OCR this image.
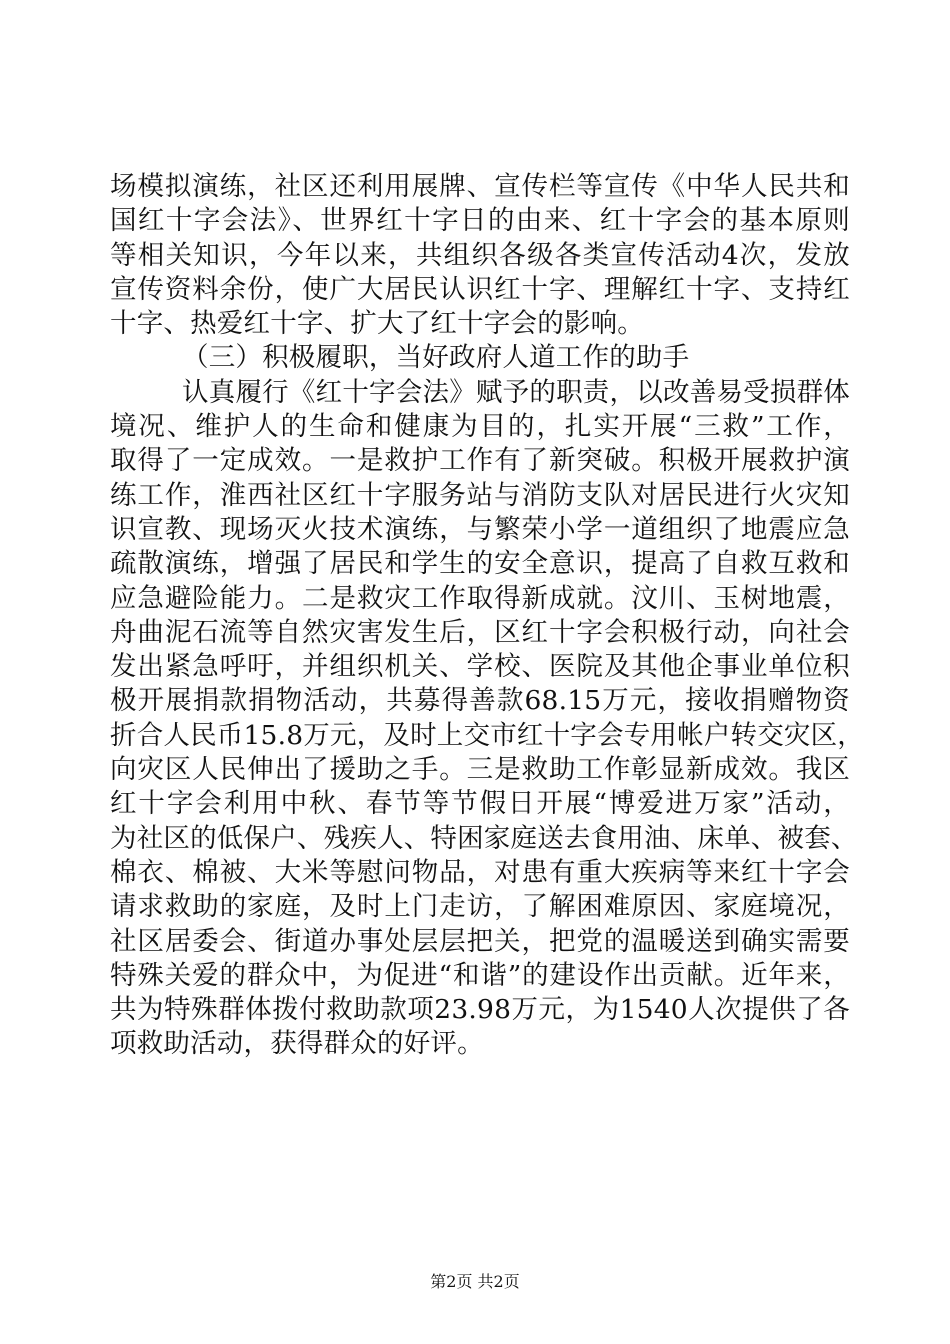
场模拟演练，社区还利用展牌、宣传栏等宣传《中华人民共和
国红十字会法》、世界红十字日的由来、红十字会的基本原则
等相关知识，今年以来，共组织各级各类宣传活动4次，发放
宣传资料余份，使广大居民认识红十字、理解红十字、支持红
十字、热爱红十字、扩大了红十字会的影响。
（三）积极履职，当好政府人道工作的助手
认真履行《红十字会法》赋予的职责，以改善易受损群体
境况、维护人的生命和健康为目的，扎实开展“三救”工作，
取得了一定成效。一是救护工作有了新突破。积极开展救护演
练工作，淮西社区红十字服务站与消防支队对居民进行火灾知
识宣教、现场灭火技术演练，与繁荣小学一道组织了地震应急
疏散演练，增强了居民和学生的安全意识，提高了自救互救和
应急避险能力。二是救灾工作取得新成就。汶川、玉树地震，
舟曲泥石流等自然灾害发生后，区红十字会积极行动，向社会
发出紧急呼吁，并组织机关、学校、医院及其他企事业单位积
极开展捐款捐物活动，共募得善款68.15万元，接收捐赠物资
折合人民币15.8万元，及时上交市红十字会专用帐户转交灾区，
向灾区人民伸出了援助之手。三是救助工作彰显新成效。我区
红十字会利用中秋、春节等节假日开展“博爱进万家”活动，
为社区的低保户、残疾人、特困家庭送去食用油、床单、被套、
棉衣、棉被、大米等慰问物品，对患有重大疾病等来红十字会
请求救助的家庭，及时上门走访，了解困难原因、家庭境况，
社区居委会、街道办事处层层把关，把党的温暖送到确实需要
特殊关爱的群众中，为促进“和谐”的建设作出贡献。近年来，
共为特殊群体拨付救助款项23.98万元，为1540人次提供了各
项救助活动，获得群众的好评。
第2页 共2页
